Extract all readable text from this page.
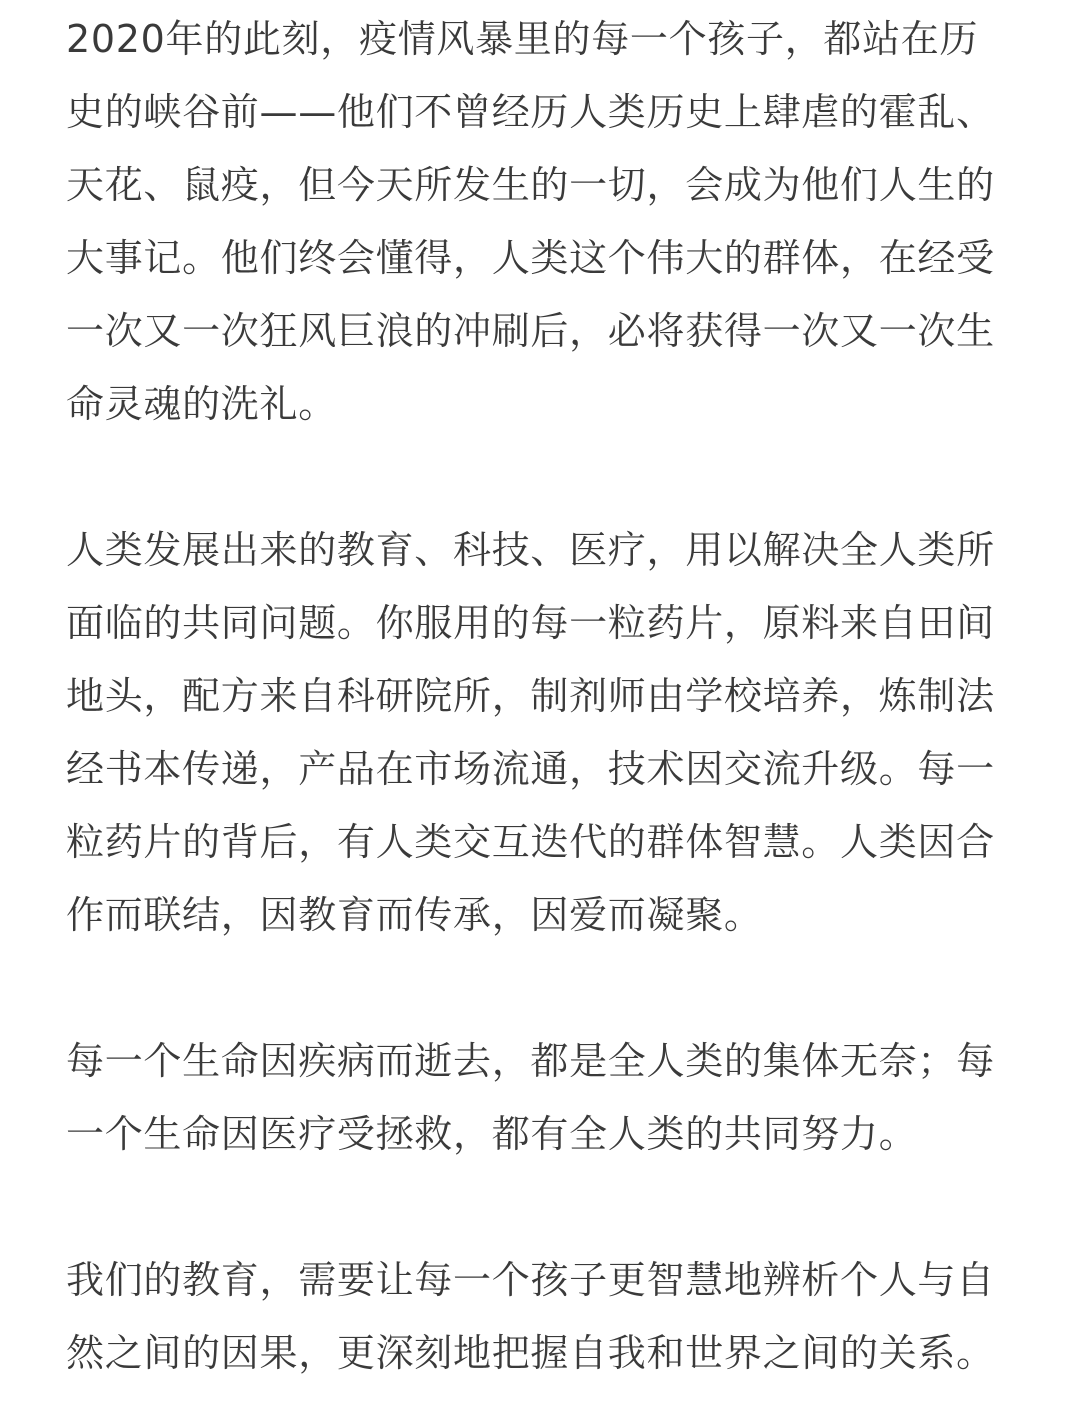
2020年的此刻，疫情风暴里的每一个孩子，都站在历
史的峡谷前——他们不曾经历人类历史上肆虐的霍乱、
天花、鼠疫，但今天所发生的一切，会成为他们人生的
大事记。他们终会懂得，人类这个伟大的群体，在经受
一次又一次狂风巨浪的冲刷后，必将获得一次又一次生
命灵魂的洗礼。

人类发展出来的教育、科技、医疗，用以解决全人类所
面临的共同问题。你服用的每一粒药片，原料来自田间
地头，配方来自科研院所，制剂师由学校培养，炼制法
经书本传递，产品在市场流通，技术因交流升级。每一
粒药片的背后，有人类交互迭代的群体智慧。人类因合
作而联结，因教育而传承，因爱而凝聚。

每一个生命因疾病而逝去，都是全人类的集体无奈；每
一个生命因医疗受拯救，都有全人类的共同努力。

我们的教育，需要让每一个孩子更智慧地辨析个人与自
然之间的因果，更深刻地把握自我和世界之间的关系。
